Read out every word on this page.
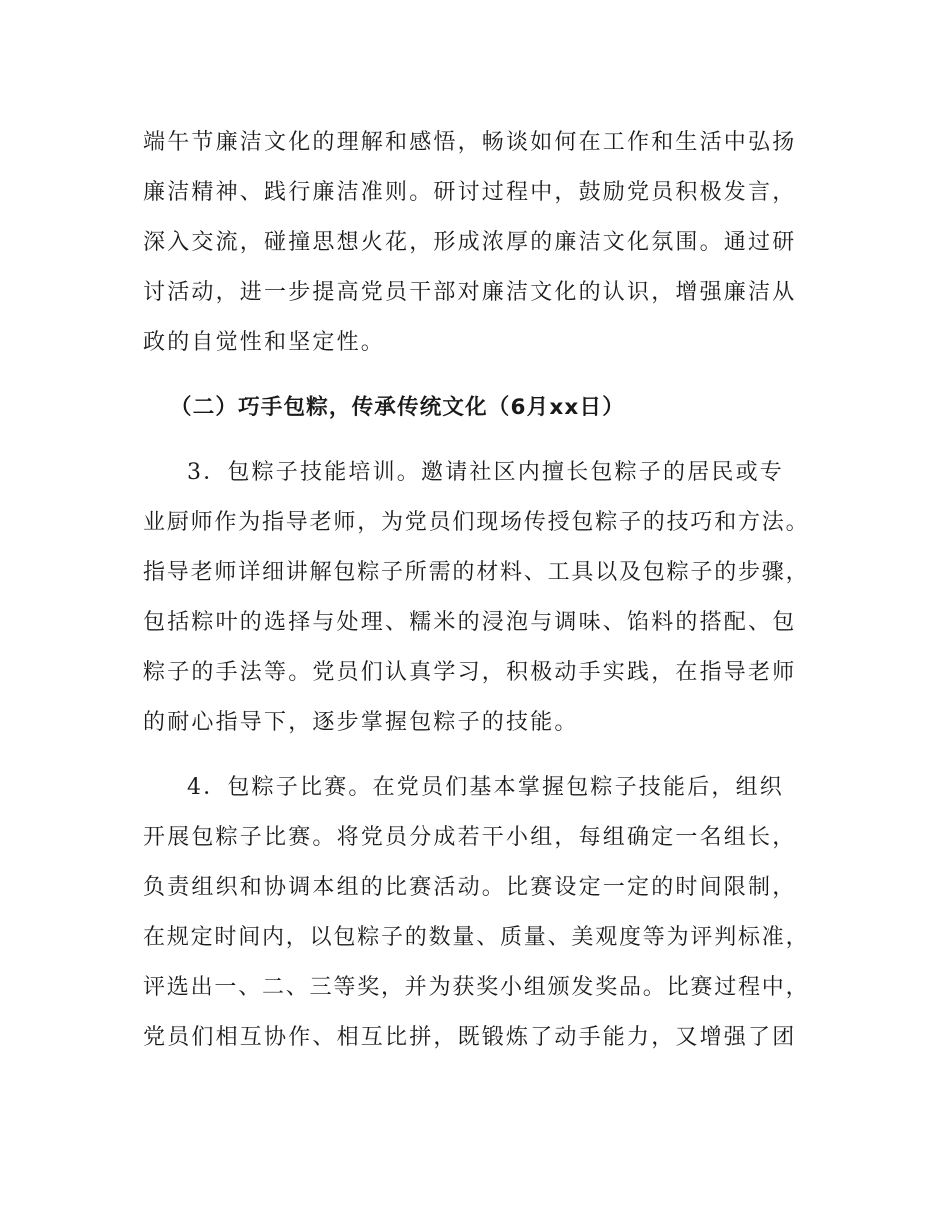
端午节廉洁文化的理解和感悟，畅谈如何在工作和生活中弘扬
廉洁精神、践行廉洁准则。研讨过程中，鼓励党员积极发言，
深入交流，碰撞思想火花，形成浓厚的廉洁文化氛围。通过研
讨活动，进一步提高党员干部对廉洁文化的认识，增强廉洁从
政的自觉性和坚定性。
（二）巧手包粽，传承传统文化（6月xx日）
3．包粽子技能培训。邀请社区内擅长包粽子的居民或专
业厨师作为指导老师，为党员们现场传授包粽子的技巧和方法。
指导老师详细讲解包粽子所需的材料、工具以及包粽子的步骤，
包括粽叶的选择与处理、糯米的浸泡与调味、馅料的搭配、包
粽子的手法等。党员们认真学习，积极动手实践，在指导老师
的耐心指导下，逐步掌握包粽子的技能。
4．包粽子比赛。在党员们基本掌握包粽子技能后，组织
开展包粽子比赛。将党员分成若干小组，每组确定一名组长，
负责组织和协调本组的比赛活动。比赛设定一定的时间限制，
在规定时间内，以包粽子的数量、质量、美观度等为评判标准，
评选出一、二、三等奖，并为获奖小组颁发奖品。比赛过程中，
党员们相互协作、相互比拼，既锻炼了动手能力，又增强了团
